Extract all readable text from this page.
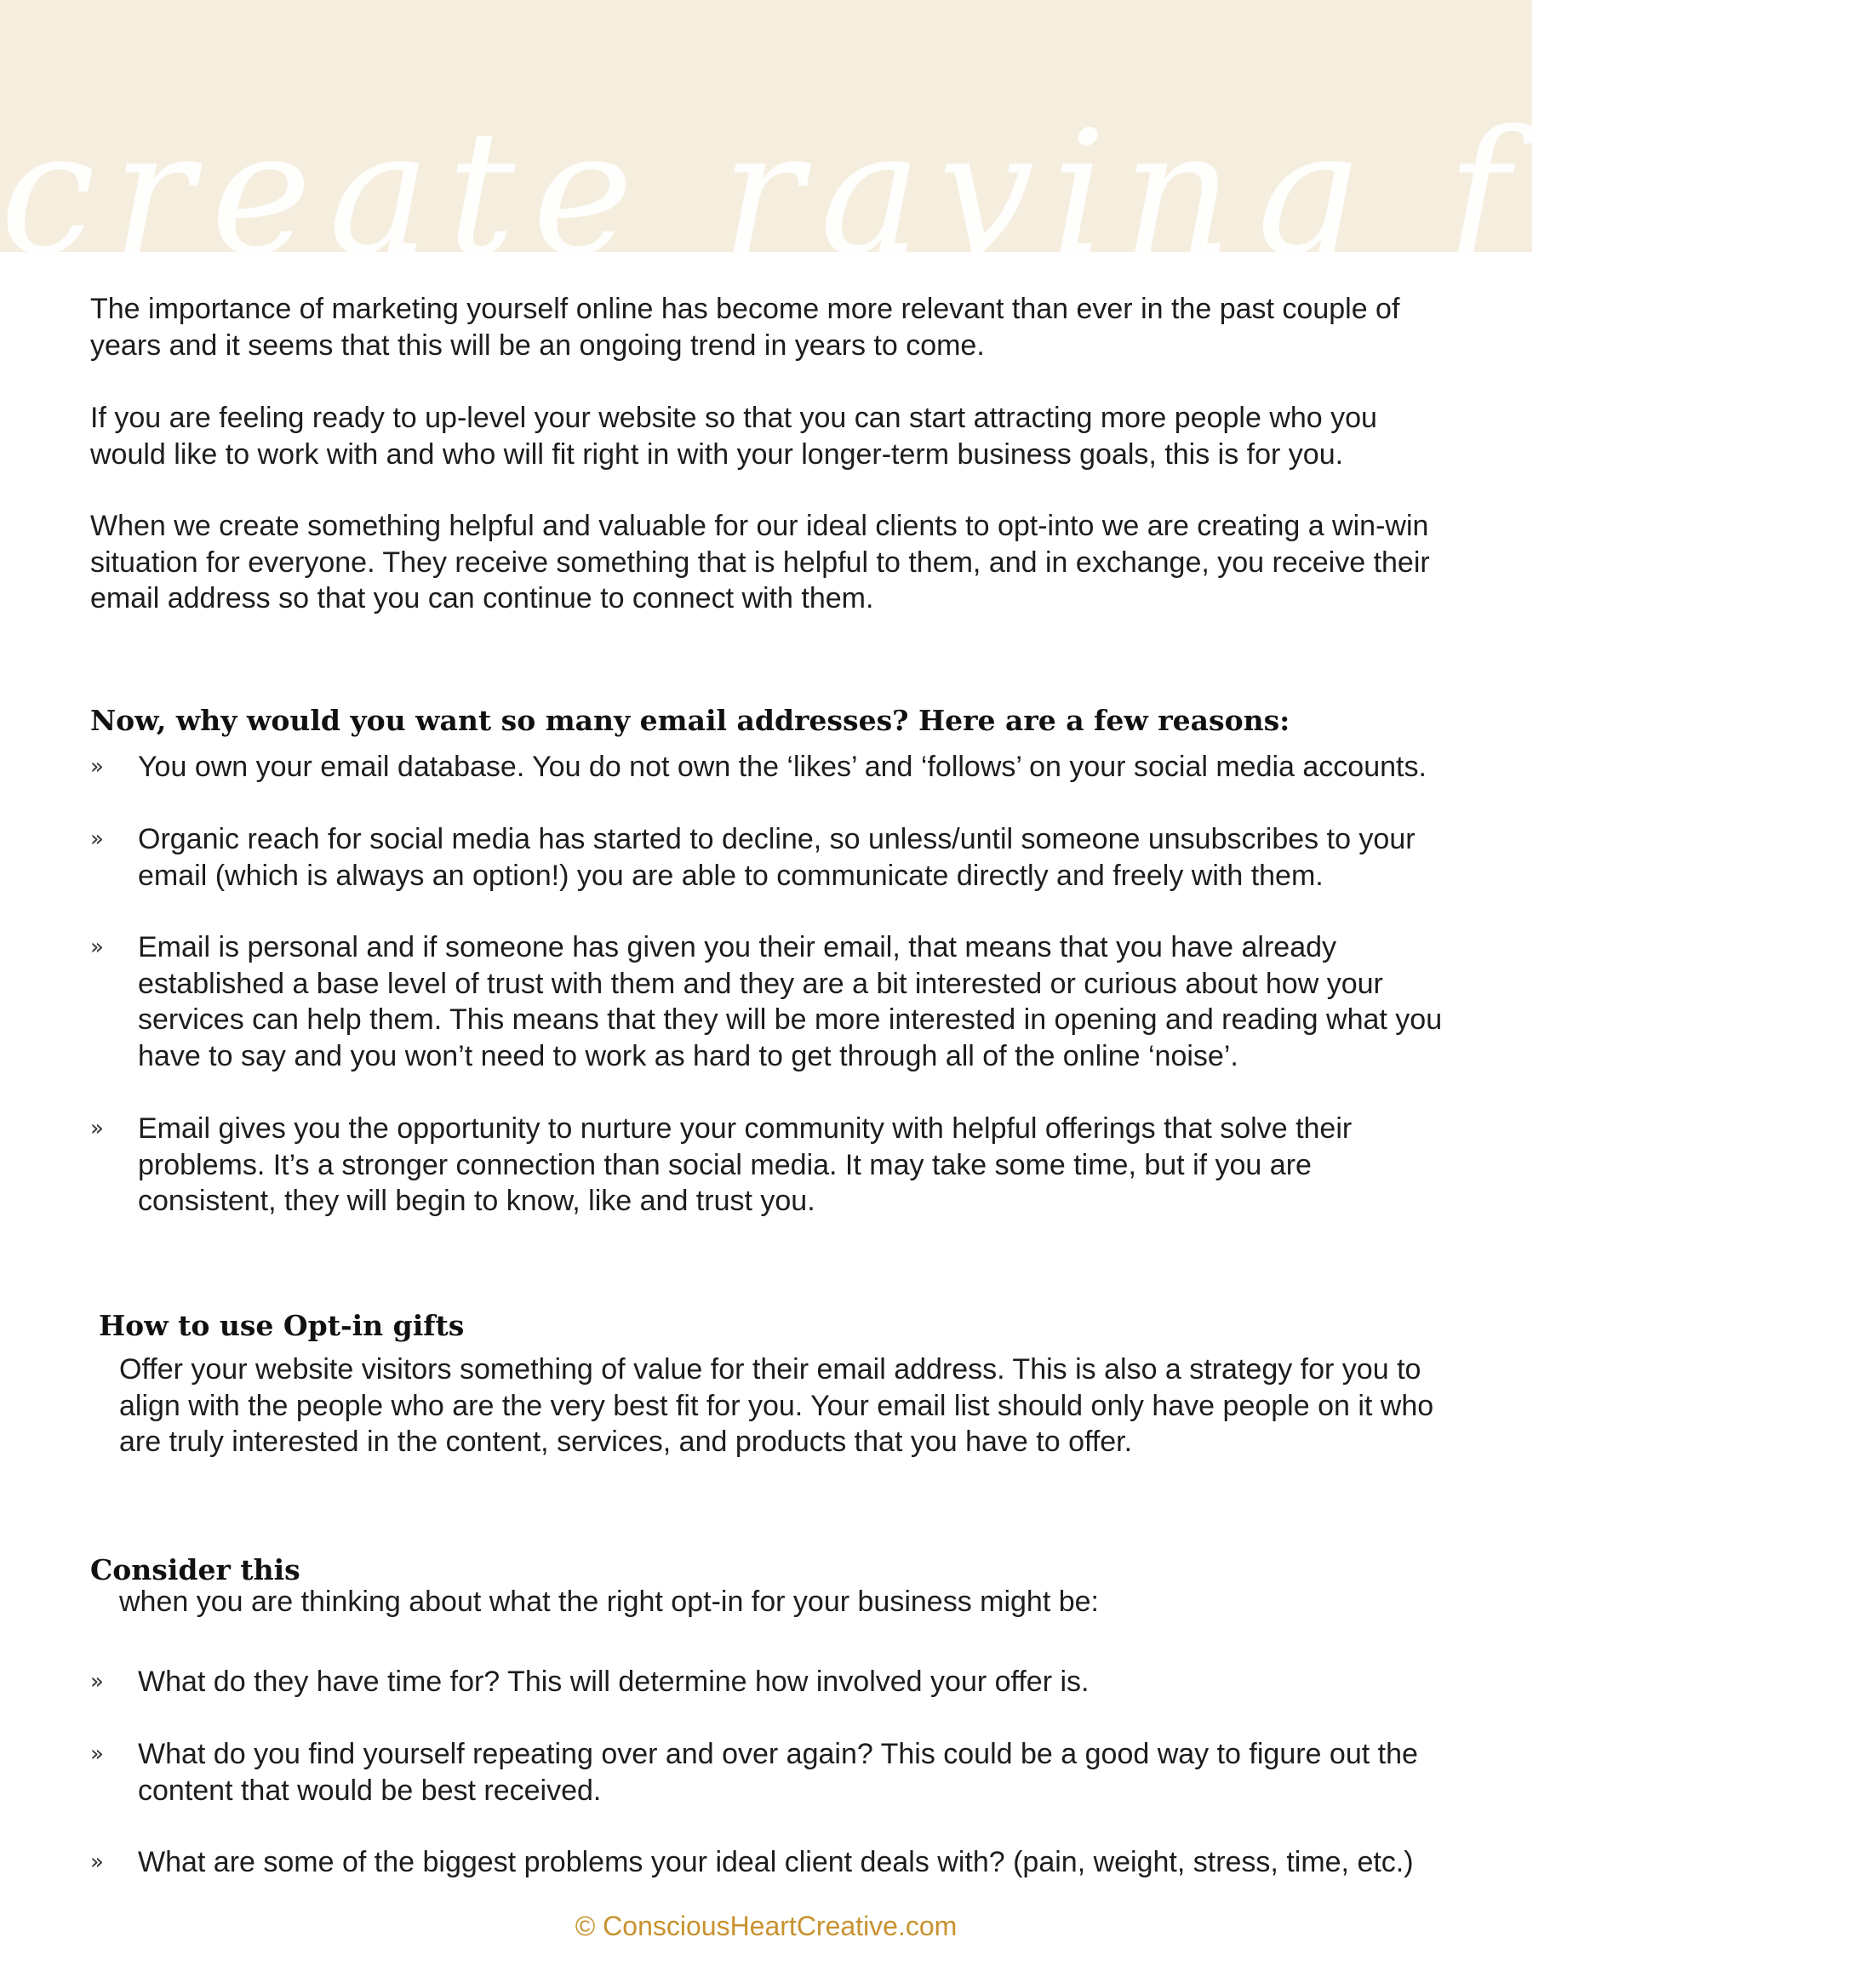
create raving fans

The importance of marketing yourself online has become more relevant than ever in the past couple of years and it seems that this will be an ongoing trend in years to come.

If you are feeling ready to up-level your website so that you can start attracting more people who you would like to work with and who will fit right in with your longer-term business goals, this is for you.

When we create something helpful and valuable for our ideal clients to opt-into we are creating a win-win situation for everyone. They receive something that is helpful to them, and in exchange, you receive their email address so that you can continue to connect with them.

Now, why would you want so many email addresses? Here are a few reasons:
» You own your email database. You do not own the ‘likes’ and ‘follows’ on your social media accounts.

» Organic reach for social media has started to decline, so unless/until someone unsubscribes to your email (which is always an option!) you are able to communicate directly and freely with them.

» Email is personal and if someone has given you their email, that means that you have already established a base level of trust with them and they are a bit interested or curious about how your services can help them. This means that they will be more interested in opening and reading what you have to say and you won’t need to work as hard to get through all of the online ‘noise’.

» Email gives you the opportunity to nurture your community with helpful offerings that solve their problems. It’s a stronger connection than social media. It may take some time, but if you are consistent, they will begin to know, like and trust you.

How to use Opt-in gifts

Offer your website visitors something of value for their email address. This is also a strategy for you to align with the people who are the very best fit for you. Your email list should only have people on it who are truly interested in the content, services, and products that you have to offer.

Consider this

when you are thinking about what the right opt-in for your business might be:

» What do they have time for? This will determine how involved your offer is.

» What do you find yourself repeating over and over again? This could be a good way to figure out the content that would be best received.

» What are some of the biggest problems your ideal client deals with? (pain, weight, stress, time, etc.)

© ConsciousHeartCreative.com
